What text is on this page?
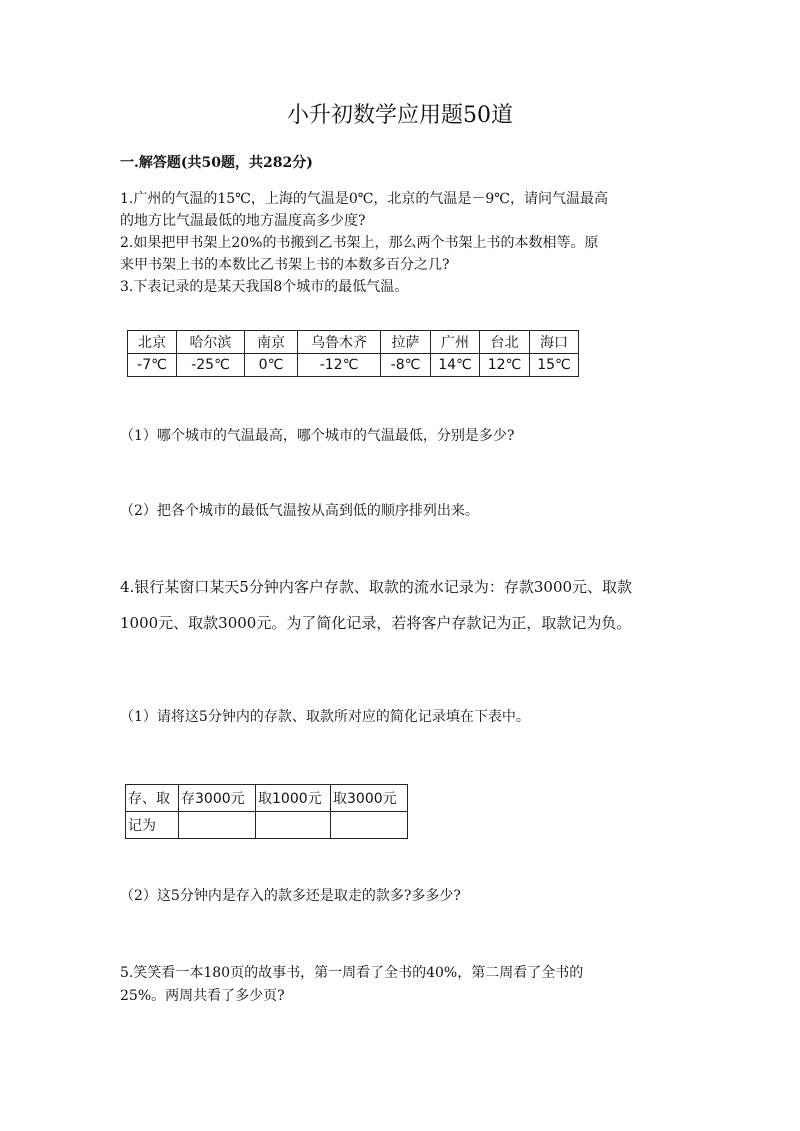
小升初数学应用题50道
一.解答题(共50题，共282分)
1.广州的气温的15℃，上海的气温是0℃，北京的气温是－9℃，请问气温最高
的地方比气温最低的地方温度高多少度?
2.如果把甲书架上20%的书搬到乙书架上，那么两个书架上书的本数相等。原
来甲书架上书的本数比乙书架上书的本数多百分之几?
3.下表记录的是某天我国8个城市的最低气温。
北京	哈尔滨	南京	乌鲁木齐	拉萨	广州	台北	海口
-7℃	-25℃	0℃	-12℃	-8℃	14℃	12℃	15℃
（1）哪个城市的气温最高，哪个城市的气温最低，分别是多少?
（2）把各个城市的最低气温按从高到低的顺序排列出来。
4.银行某窗口某天5分钟内客户存款、取款的流水记录为：存款3000元、取款
1000元、取款3000元。为了简化记录，若将客户存款记为正，取款记为负。
（1）请将这5分钟内的存款、取款所对应的简化记录填在下表中。
存、取	存3000元	取1000元	取3000元
记为			
（2）这5分钟内是存入的款多还是取走的款多?多多少?
5.笑笑看一本180页的故事书，第一周看了全书的40%，第二周看了全书的
25%。两周共看了多少页?
